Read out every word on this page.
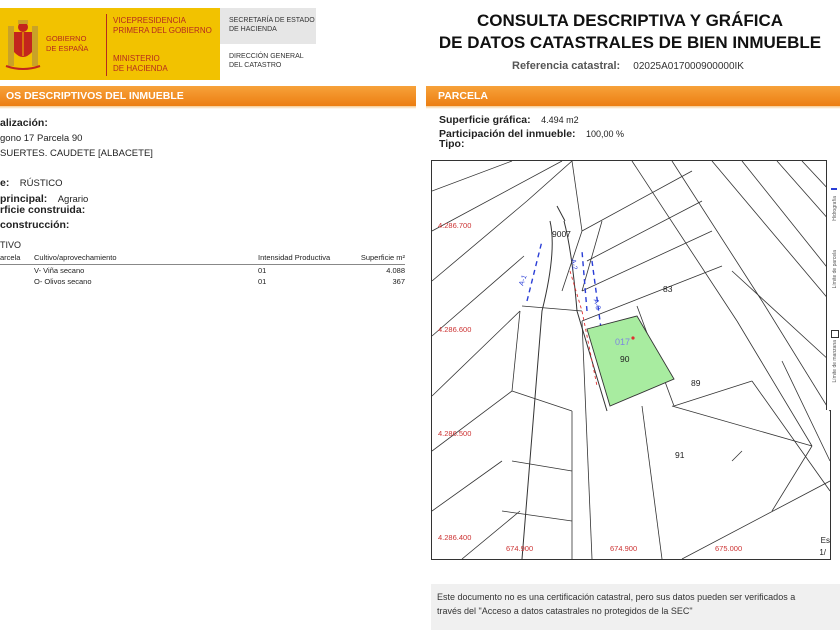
GOBIERNO
DE ESPAÑA
VICEPRESIDENCIA
PRIMERA DEL GOBIERNO
MINISTERIO
DE HACIENDA
SECRETARÍA DE ESTADO
DE HACIENDA
DIRECCIÓN GENERAL
DEL CATASTRO
CONSULTA DESCRIPTIVA Y GRÁFICA
DE DATOS CATASTRALES DE BIEN INMUEBLE
Referencia catastral: 02025A017000900000IK
OS DESCRIPTIVOS DEL INMUEBLE
alización:
gono 17 Parcela 90
SUERTES. CAUDETE [ALBACETE]
e: RÚSTICO
principal: Agrario
rficie construida:
construcción:
TIVO
arcela	Cultivo/aprovechamiento	Intensidad Productiva	Superficie m²
	V- Viña secano	01	4.088
	O- Olivos secano	01	367
PARCELA
Superficie gráfica: 4.494 m2
Participación del inmueble: 100,00 %
Tipo:
4.286.700
4.286.600
4.286.500
4.286.400
674.900	674.900	675.000
9007
83
017
90
89
91
A-1
A-2
A-3
Es
1/
Hidrografía
Límite de parcela
Límite de manzana
Este documento no es una certificación catastral, pero sus datos pueden ser verificados a
través del "Acceso a datos catastrales no protegidos de la SEC"
